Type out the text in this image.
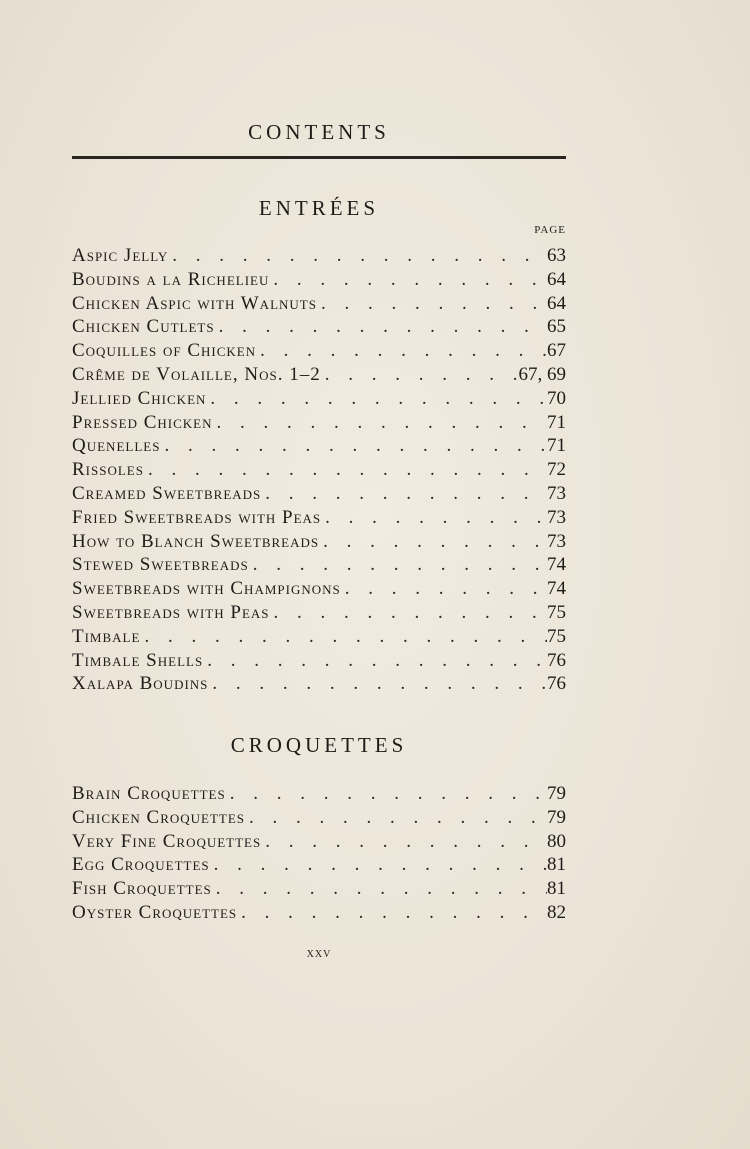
CONTENTS
ENTRÉES
PAGE
Aspic Jelly . . .	63
Boudins a la Richelieu . . .	64
Chicken Aspic with Walnuts . . .	64
Chicken Cutlets . . .	65
Coquilles of Chicken . . .	67
Crême de Volaille, Nos. 1–2 . . .	67, 69
Jellied Chicken . . .	70
Pressed Chicken . . .	71
Quenelles . . .	71
Rissoles . . .	72
Creamed Sweetbreads . . .	73
Fried Sweetbreads with Peas . . .	73
How to Blanch Sweetbreads . . .	73
Stewed Sweetbreads . . .	74
Sweetbreads with Champignons . . .	74
Sweetbreads with Peas . . .	75
Timbale . . .	75
Timbale Shells . . .	76
Xalapa Boudins . . .	76
CROQUETTES
Brain Croquettes . . .	79
Chicken Croquettes . . .	79
Very Fine Croquettes . . .	80
Egg Croquettes . . .	81
Fish Croquettes . . .	81
Oyster Croquettes . . .	82
xxv
